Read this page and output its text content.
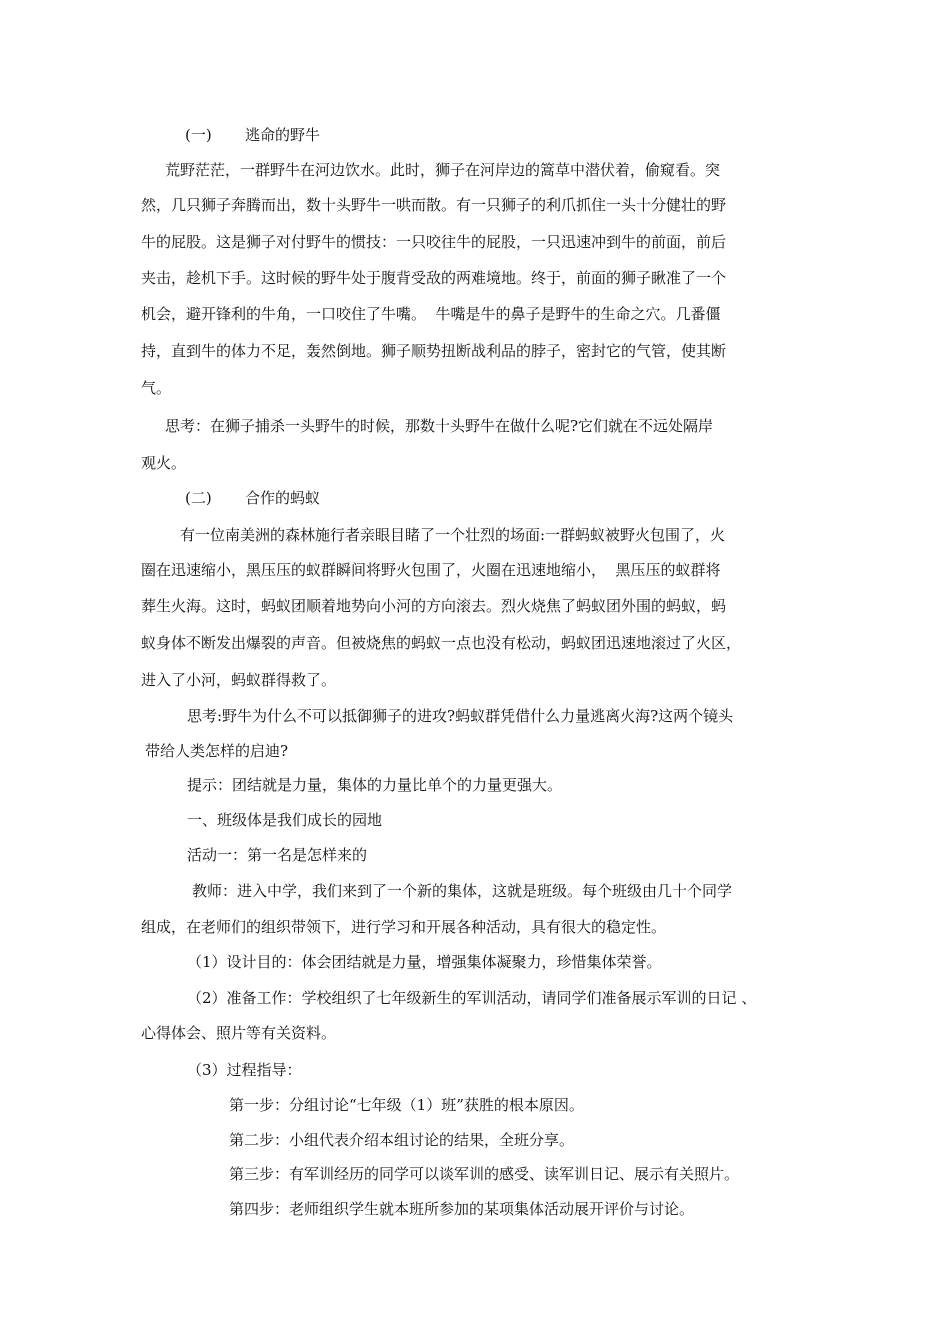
(一) 逃命的野牛
荒野茫茫，一群野牛在河边饮水。此时，狮子在河岸边的篙草中潜伏着，偷窥看。突
然，几只狮子奔腾而出，数十头野牛一哄而散。有一只狮子的利爪抓住一头十分健壮的野
牛的屁股。这是狮子对付野牛的惯技：一只咬往牛的屁股，一只迅速冲到牛的前面，前后
夹击，趁机下手。这时候的野牛处于腹背受敌的两难境地。终于，前面的狮子瞅准了一个
机会，避开锋利的牛角，一口咬住了牛嘴。  牛嘴是牛的鼻子是野牛的生命之穴。几番僵
持，直到牛的体力不足，轰然倒地。狮子顺势扭断战利品的脖子，密封它的气管，使其断
气。
思考：在狮子捕杀一头野牛的时候，那数十头野牛在做什么呢?它们就在不远处隔岸
观火。
(二) 合作的蚂蚁
有一位南美洲的森林施行者亲眼目睹了一个壮烈的场面:一群蚂蚁被野火包围了，火
圈在迅速缩小，黑压压的蚁群瞬间将野火包围了，火圈在迅速地缩小，  黑压压的蚁群将
葬生火海。这时，蚂蚁团顺着地势向小河的方向滚去。烈火烧焦了蚂蚁团外围的蚂蚁，蚂
蚁身体不断发出爆裂的声音。但被烧焦的蚂蚁一点也没有松动，蚂蚁团迅速地滚过了火区，
进入了小河，蚂蚁群得救了。
思考:野牛为什么不可以抵御狮子的进攻?蚂蚁群凭借什么力量逃离火海?这两个镜头
带给人类怎样的启迪?
提示：团结就是力量，集体的力量比单个的力量更强大。
一、班级体是我们成长的园地
活动一：第一名是怎样来的
教师：进入中学，我们来到了一个新的集体，这就是班级。每个班级由几十个同学
组成，在老师们的组织带领下，进行学习和开展各种活动，具有很大的稳定性。
（1）设计目的：体会团结就是力量，增强集体凝聚力，珍惜集体荣誉。
（2）准备工作：学校组织了七年级新生的军训活动，请同学们准备展示军训的日记 、
心得体会、照片等有关资料。
（3）过程指导：
第一步：分组讨论“七年级（1）班”获胜的根本原因。
第二步：小组代表介绍本组讨论的结果，全班分享。
第三步：有军训经历的同学可以谈军训的感受、读军训日记、展示有关照片。
第四步：老师组织学生就本班所参加的某项集体活动展开评价与讨论。
